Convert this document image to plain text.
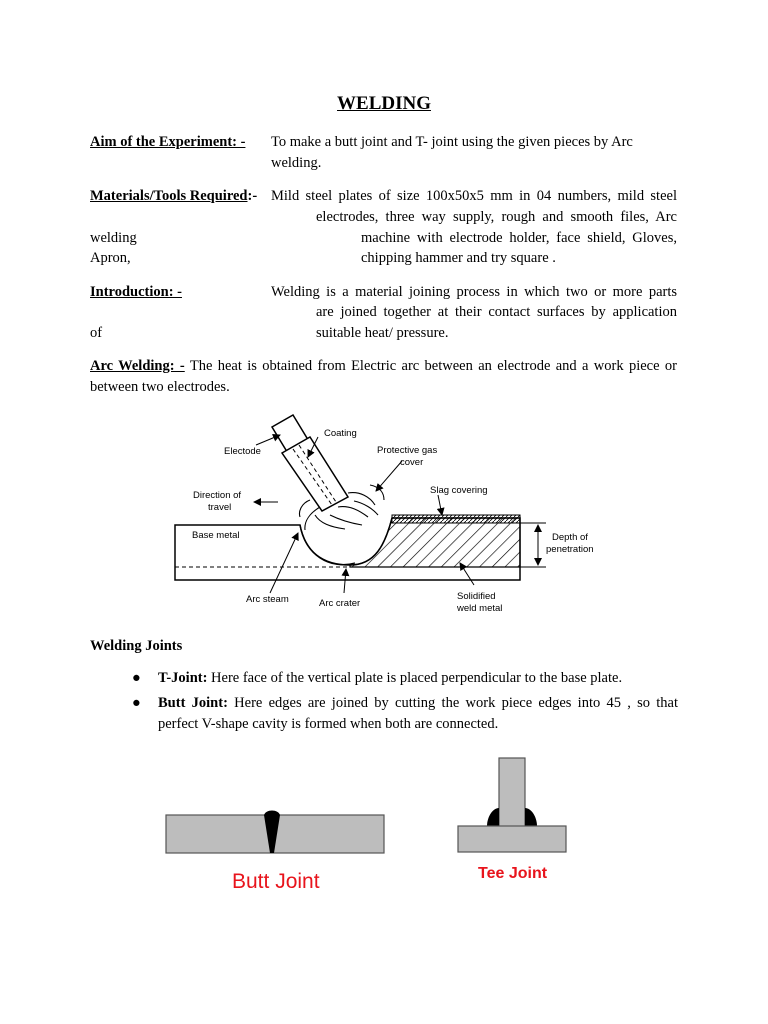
WELDING
Aim of the Experiment: - To make a butt joint and T- joint using the given pieces by Arc
welding.
Materials/Tools Required:- Mild steel plates of size 100x50x5 mm in 04 numbers, mild steel
electrodes, three way supply, rough and smooth files, Arc
welding	machine with electrode holder, face shield, Gloves,
Apron,	chipping hammer and try square .
Introduction: -	Welding is a material joining process in which two or more parts
are joined together at their contact surfaces by application
of	suitable heat/ pressure.
Arc Welding: - The heat is obtained from Electric arc between an electrode and a work piece or
between two electrodes.
Coating
Electode	Protective gas
cover
Direction of
travel
Slag covering
Base metal	Depth of
penetration
Arc steam	Arc crater
Solidified
weld metal
Welding Joints
● T-Joint: Here face of the vertical plate is placed perpendicular to the base plate.
● Butt Joint: Here edges are joined by cutting the work piece edges into 45 , so that perfect V-shape cavity is formed when both are connected.
Butt Joint	Tee Joint
